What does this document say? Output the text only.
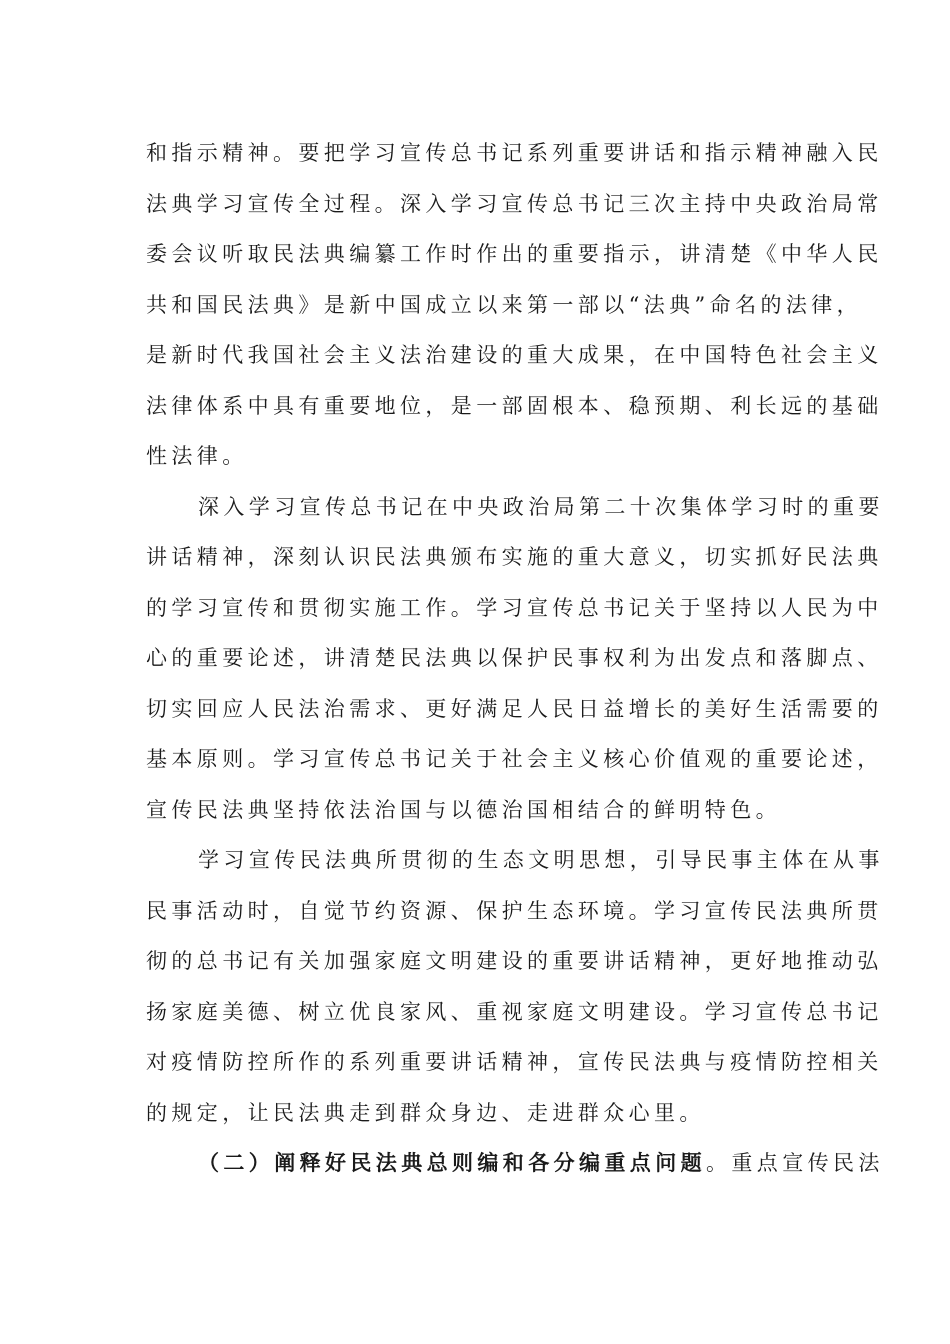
和指示精神。要把学习宣传总书记系列重要讲话和指示精神融入民
法典学习宣传全过程。深入学习宣传总书记三次主持中央政治局常
委会议听取民法典编纂工作时作出的重要指示，讲清楚《中华人民
共和国民法典》是新中国成立以来第一部以“法典”命名的法律，
是新时代我国社会主义法治建设的重大成果，在中国特色社会主义
法律体系中具有重要地位，是一部固根本、稳预期、利长远的基础
性法律。
深入学习宣传总书记在中央政治局第二十次集体学习时的重要
讲话精神，深刻认识民法典颁布实施的重大意义，切实抓好民法典
的学习宣传和贯彻实施工作。学习宣传总书记关于坚持以人民为中
心的重要论述，讲清楚民法典以保护民事权利为出发点和落脚点、
切实回应人民法治需求、更好满足人民日益增长的美好生活需要的
基本原则。学习宣传总书记关于社会主义核心价值观的重要论述，
宣传民法典坚持依法治国与以德治国相结合的鲜明特色。
学习宣传民法典所贯彻的生态文明思想，引导民事主体在从事
民事活动时，自觉节约资源、保护生态环境。学习宣传民法典所贯
彻的总书记有关加强家庭文明建设的重要讲话精神，更好地推动弘
扬家庭美德、树立优良家风、重视家庭文明建设。学习宣传总书记
对疫情防控所作的系列重要讲话精神，宣传民法典与疫情防控相关
的规定，让民法典走到群众身边、走进群众心里。
（二）阐释好民法典总则编和各分编重点问题。重点宣传民法
